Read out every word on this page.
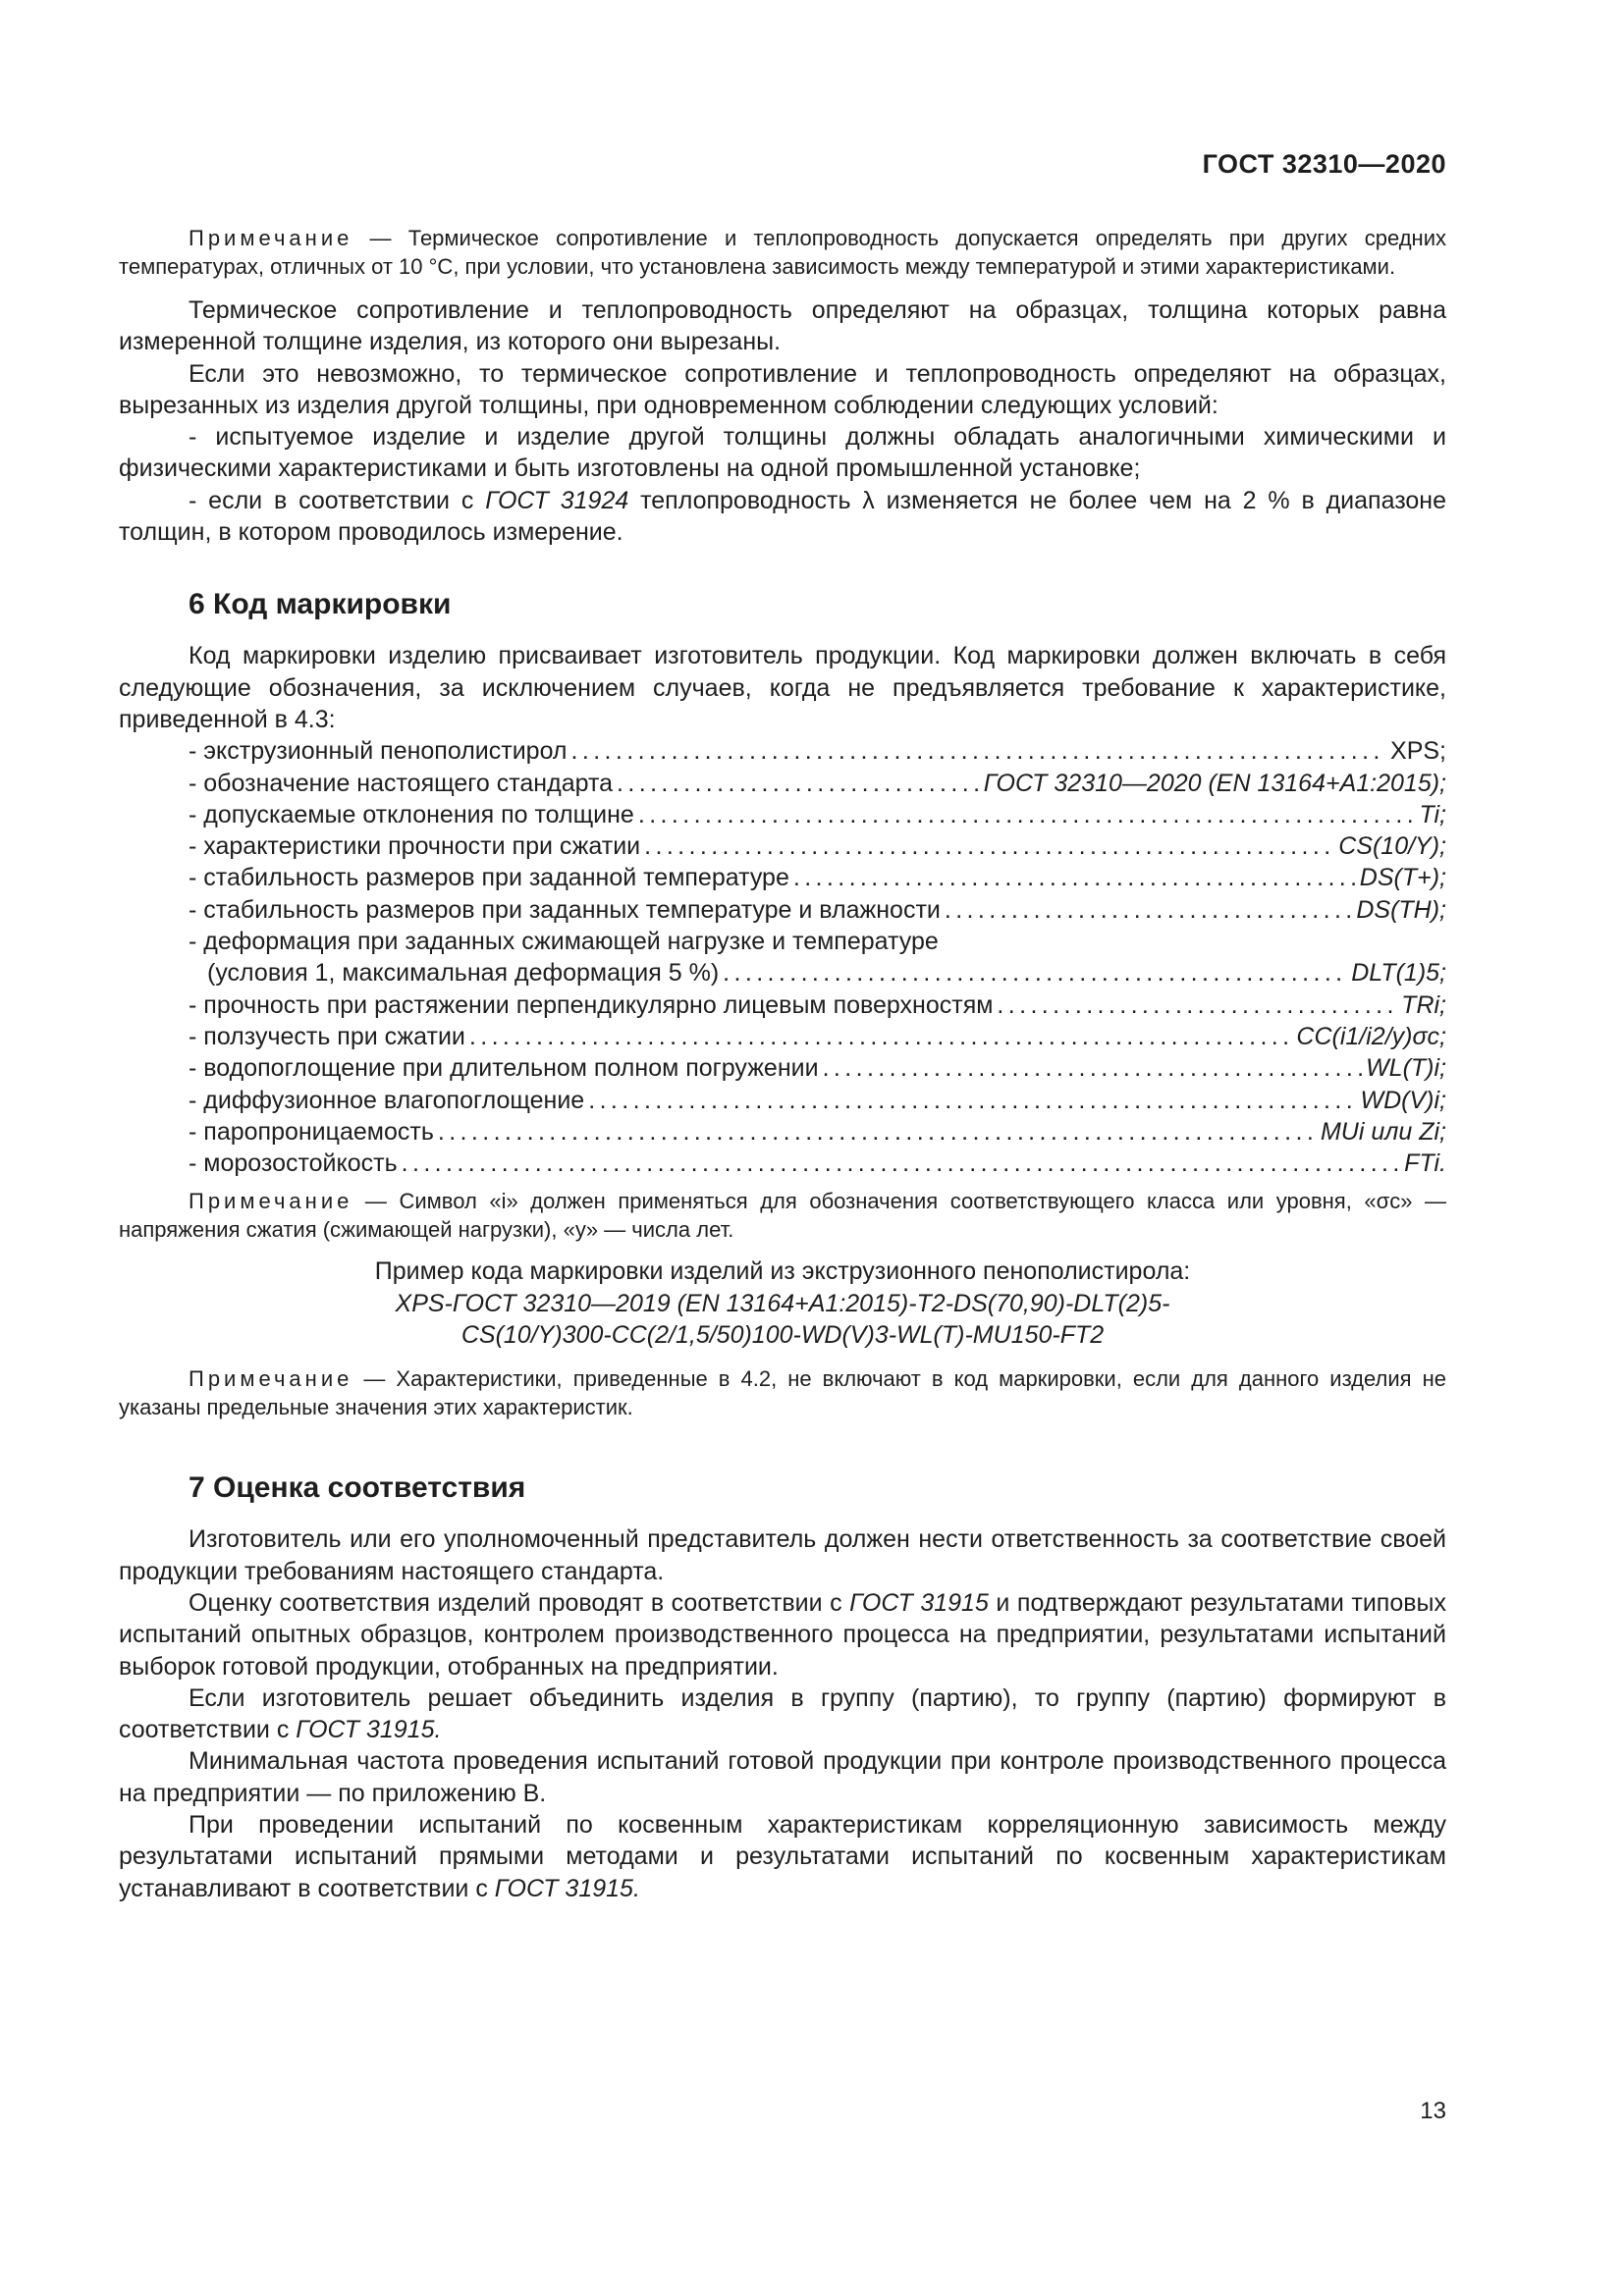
ГОСТ 32310—2020

Примечание — Термическое сопротивление и теплопроводность допускается определять при других средних температурах, отличных от 10 °С, при условии, что установлена зависимость между температурой и этими характеристиками.

Термическое сопротивление и теплопроводность определяют на образцах, толщина которых равна измеренной толщине изделия, из которого они вырезаны.

Если это невозможно, то термическое сопротивление и теплопроводность определяют на образцах, вырезанных из изделия другой толщины, при одновременном соблюдении следующих условий:

- испытуемое изделие и изделие другой толщины должны обладать аналогичными химическими и физическими характеристиками и быть изготовлены на одной промышленной установке;

- если в соответствии с ГОСТ 31924 теплопроводность λ изменяется не более чем на 2 % в диапазоне толщин, в котором проводилось измерение.

6 Код маркировки

Код маркировки изделию присваивает изготовитель продукции. Код маркировки должен включать в себя следующие обозначения, за исключением случаев, когда не предъявляется требование к характеристике, приведенной в 4.3:

- экструзионный пенополистирол .....	XPS;
- обозначение настоящего стандарта .....	ГОСТ 32310—2020 (EN 13164+A1:2015);
- допускаемые отклонения по толщине .....	Ti;
- характеристики прочности при сжатии .....	CS(10/Y);
- стабильность размеров при заданной температуре .....	DS(T+);
- стабильность размеров при заданных температуре и влажности .....	DS(TH);
- деформация при заданных сжимающей нагрузке и температуре
(условия 1, максимальная деформация 5 %) .....	DLT(1)5;
- прочность при растяжении перпендикулярно лицевым поверхностям .....	TRi;
- ползучесть при сжатии .....	CC(i1/i2/y)σc;
- водопоглощение при длительном полном погружении .....	WL(T)i;
- диффузионное влагопоглощение .....	WD(V)i;
- паропроницаемость .....	MUi или Zi;
- морозостойкость .....	FTi.

Примечание — Символ «i» должен применяться для обозначения соответствующего класса или уровня, «σc» — напряжения сжатия (сжимающей нагрузки), «y» — числа лет.

Пример кода маркировки изделий из экструзионного пенополистирола:

XPS-ГОСТ 32310—2019 (EN 13164+A1:2015)-T2-DS(70,90)-DLT(2)5-

CS(10/Y)300-CC(2/1,5/50)100-WD(V)3-WL(T)-MU150-FT2

Примечание — Характеристики, приведенные в 4.2, не включают в код маркировки, если для данного изделия не указаны предельные значения этих характеристик.

7 Оценка соответствия

Изготовитель или его уполномоченный представитель должен нести ответственность за соответствие своей продукции требованиям настоящего стандарта.

Оценку соответствия изделий проводят в соответствии с ГОСТ 31915 и подтверждают результатами типовых испытаний опытных образцов, контролем производственного процесса на предприятии, результатами испытаний выборок готовой продукции, отобранных на предприятии.

Если изготовитель решает объединить изделия в группу (партию), то группу (партию) формируют в соответствии с ГОСТ 31915.

Минимальная частота проведения испытаний готовой продукции при контроле производственного процесса на предприятии — по приложению В.

При проведении испытаний по косвенным характеристикам корреляционную зависимость между результатами испытаний прямыми методами и результатами испытаний по косвенным характеристикам устанавливают в соответствии с ГОСТ 31915.

13
